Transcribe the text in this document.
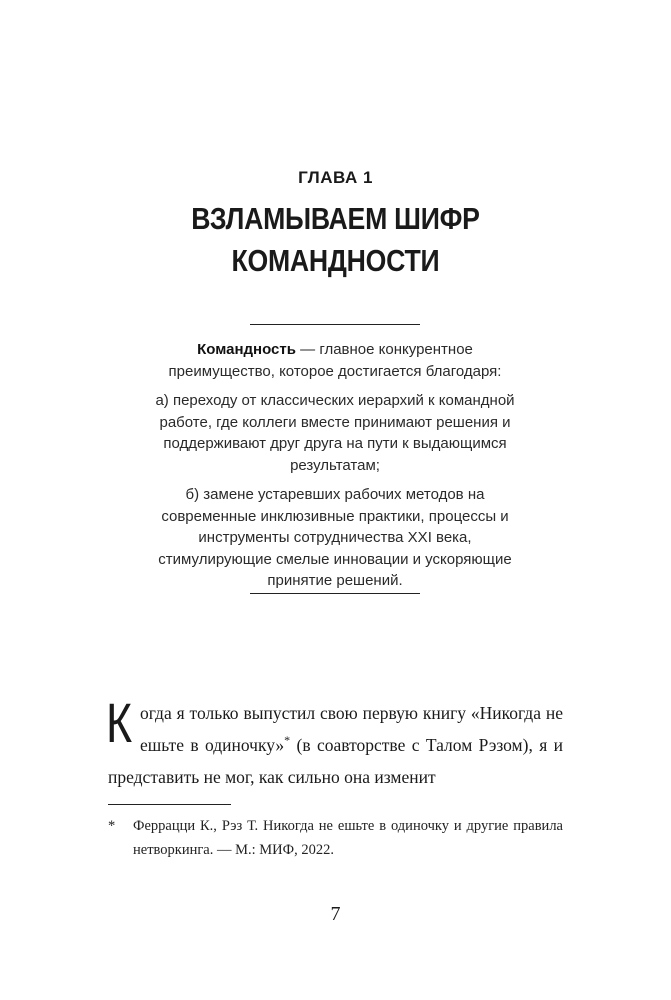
ГЛАВА 1
ВЗЛАМЫВАЕМ ШИФР
КОМАНДНОСТИ

Командность — главное конкурентное преимущество, которое достигается благодаря:

а) переходу от классических иерархий к командной работе, где коллеги вместе принимают решения и поддерживают друг друга на пути к выдающимся результатам;

б) замене устаревших рабочих методов на современные инклюзивные практики, процессы и инструменты сотрудничества XXI века, стимулирующие смелые инновации и ускоряющие принятие решений.

Когда я только выпустил свою первую книгу «Никогда не ешьте в одиночку»* (в соавторстве с Талом Рэзом), я и представить не мог, как сильно она изменит
* Феррацци К., Рэз Т. Никогда не ешьте в одиночку и другие правила нетворкинга. — М.: МИФ, 2022.
7
